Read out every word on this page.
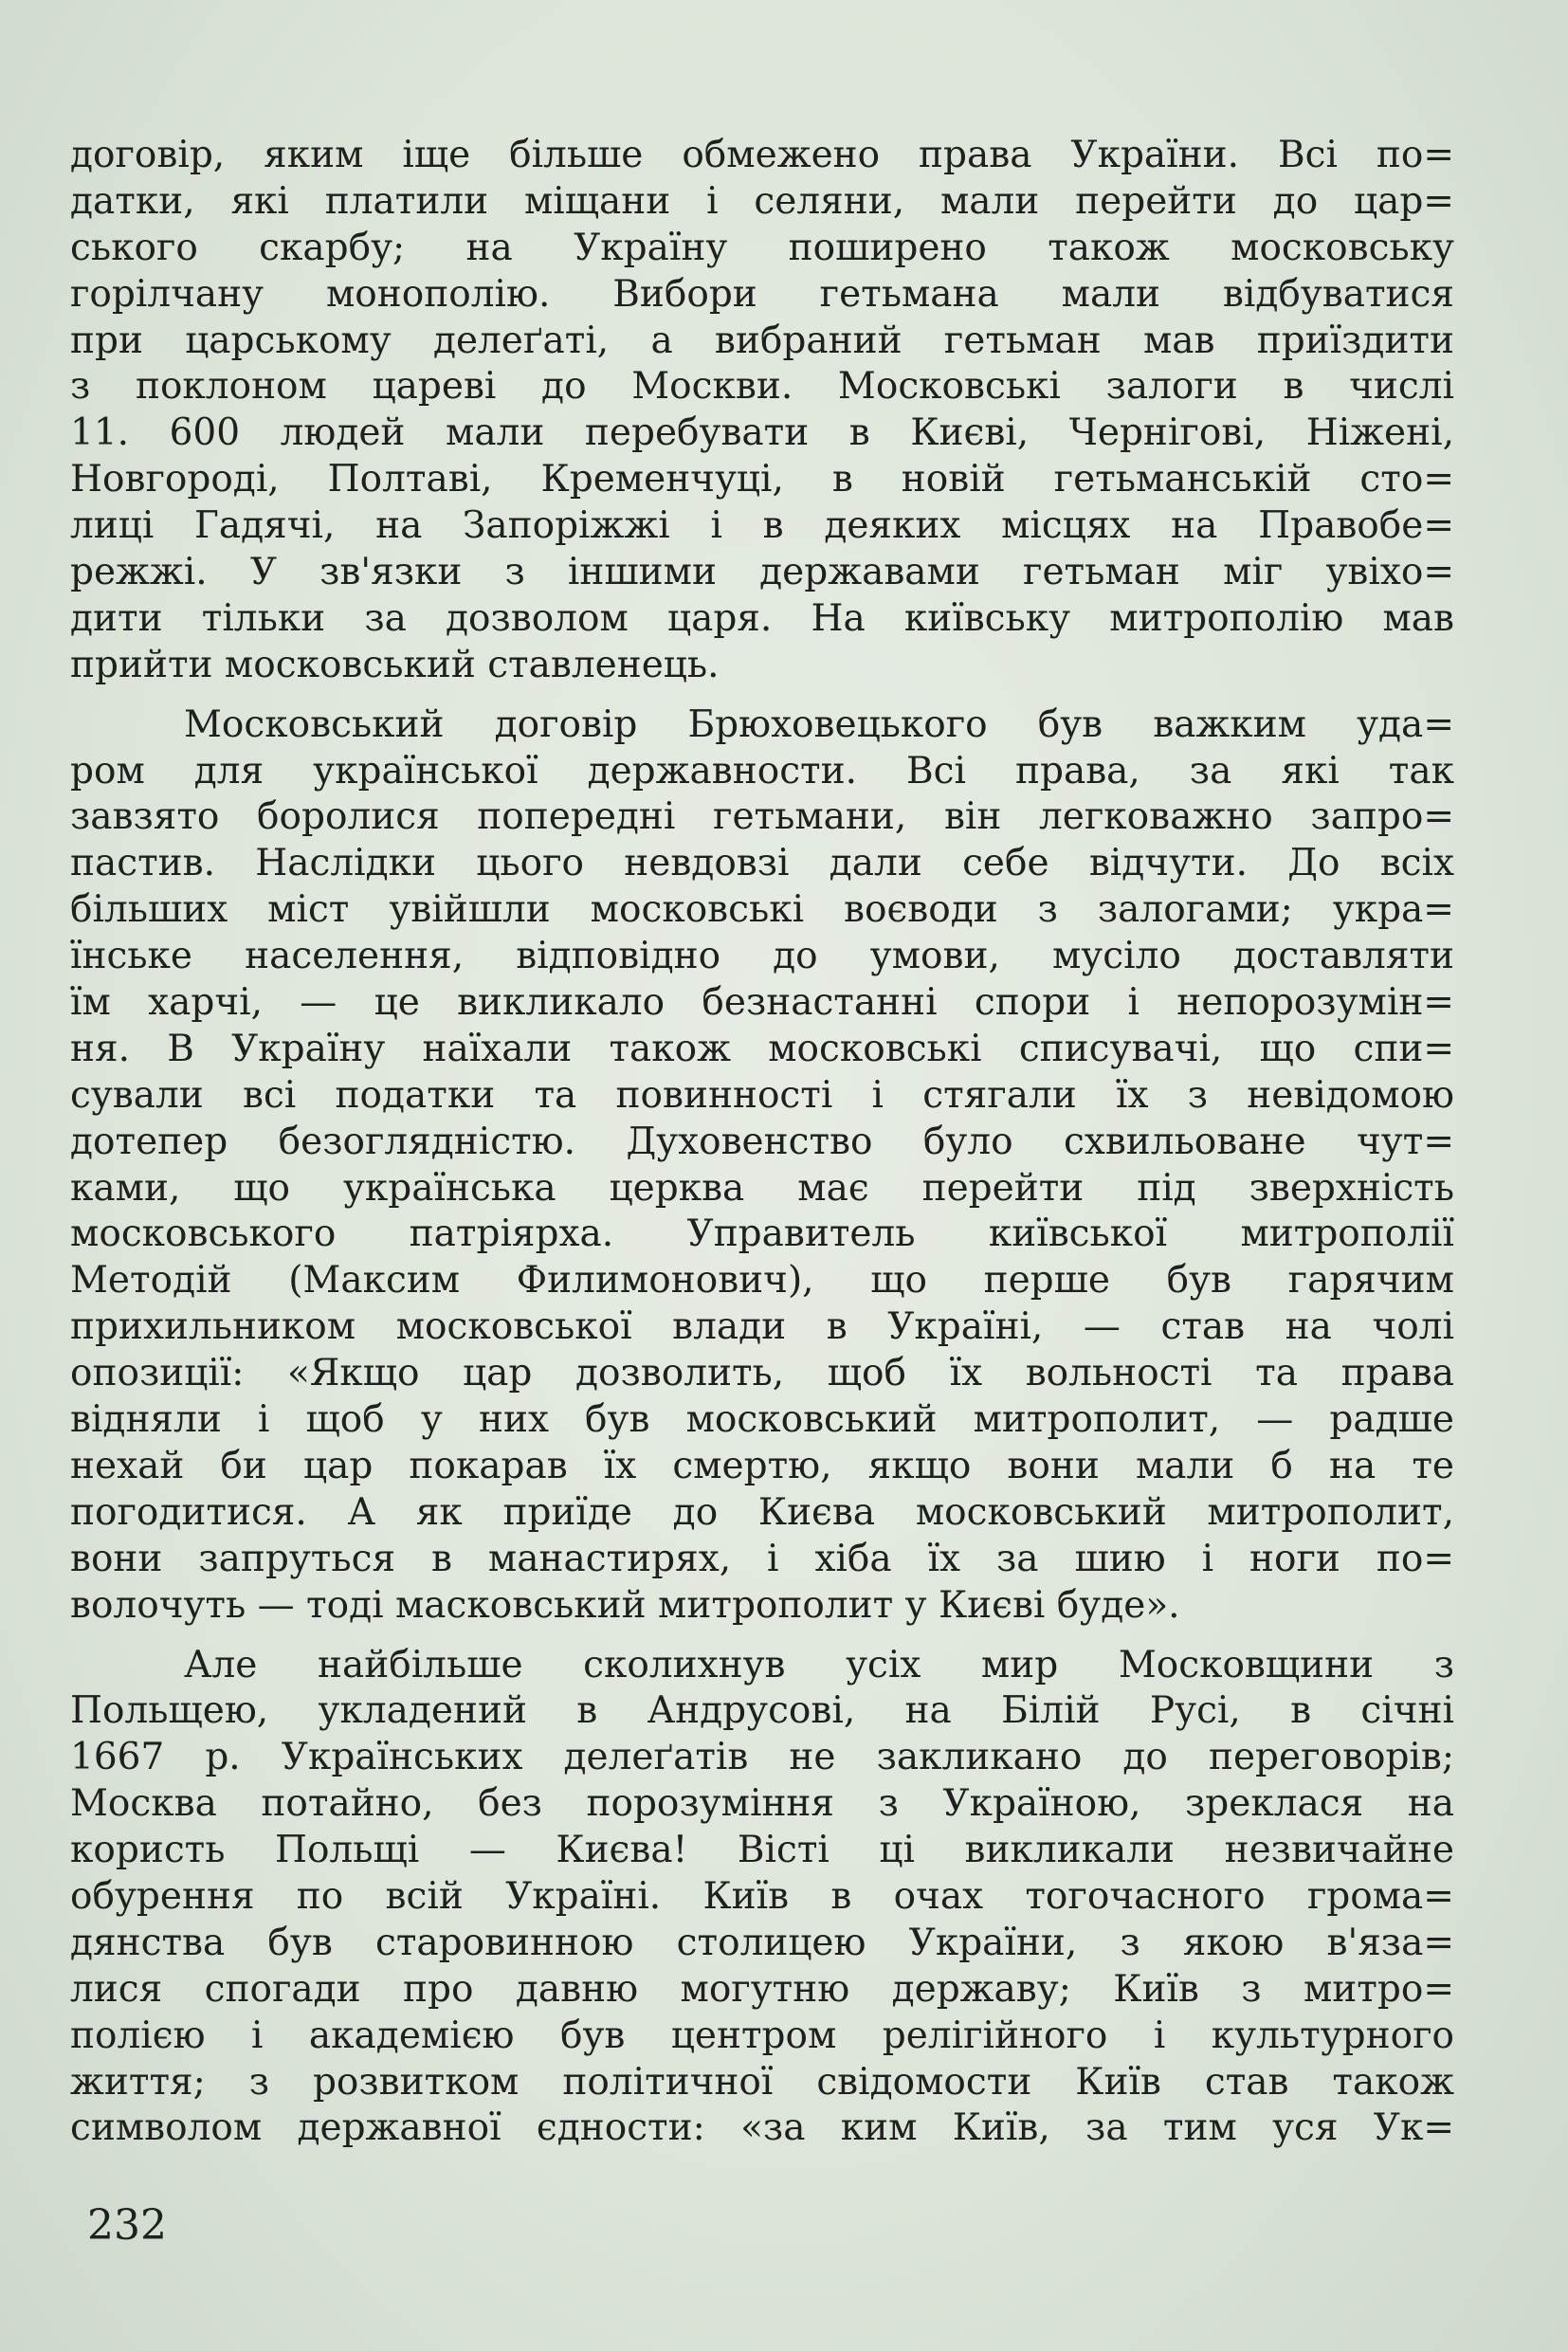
договір, яким іще більше обмежено права України. Всі по=
датки, які платили міщани і селяни, мали перейти до цар=
ського скарбу; на Україну поширено також московську
горілчану монополію. Вибори гетьмана мали відбуватися
при царському делеґаті, а вибраний гетьман мав приїздити
з поклоном цареві до Москви. Московські залоги в числі
11. 600 людей мали перебувати в Києві, Чернігові, Ніжені,
Новгороді, Полтаві, Кременчуці, в новій гетьманській сто=
лиці Гадячі, на Запоріжжі і в деяких місцях на Правобе=
режжі. У зв'язки з іншими державами гетьман міг увіхо=
дити тільки за дозволом царя. На київську митрополію мав
прийти московський ставленець.
Московський договір Брюховецького був важким уда=
ром для української державности. Всі права, за які так
завзято боролися попередні гетьмани, він легковажно запро=
пастив. Наслідки цього невдовзі дали себе відчути. До всіх
більших міст увійшли московські воєводи з залогами; укра=
їнське населення, відповідно до умови, мусіло доставляти
їм харчі, — це викликало безнастанні спори і непорозумін=
ня. В Україну наїхали також московські списувачі, що спи=
сували всі податки та повинності і стягали їх з невідомою
дотепер безоглядністю. Духовенство було схвильоване чут=
ками, що українська церква має перейти під зверхність
московського патріярха. Управитель київської митрополії
Методій (Максим Филимонович), що перше був гарячим
прихильником московської влади в Україні, — став на чолі
опозиції: «Якщо цар дозволить, щоб їх вольності та права
відняли і щоб у них був московський митрополит, — радше
нехай би цар покарав їх смертю, якщо вони мали б на те
погодитися. А як приїде до Києва московський митрополит,
вони запруться в манастирях, і хіба їх за шию і ноги по=
волочуть — тоді масковський митрополит у Києві буде».
Але найбільше сколихнув усіх мир Московщини з
Польщею, укладений в Андрусові, на Білій Русі, в січні
1667 р. Українських делеґатів не закликано до переговорів;
Москва потайно, без порозуміння з Україною, зреклася на
користь Польщі — Києва! Вісті ці викликали незвичайне
обурення по всій Україні. Київ в очах тогочасного грома=
дянства був старовинною столицею України, з якою в'яза=
лися спогади про давню могутню державу; Київ з митро=
полією і академією був центром релігійного і культурного
життя; з розвитком політичної свідомости Київ став також
символом державної єдности: «за ким Київ, за тим уся Ук=
232
